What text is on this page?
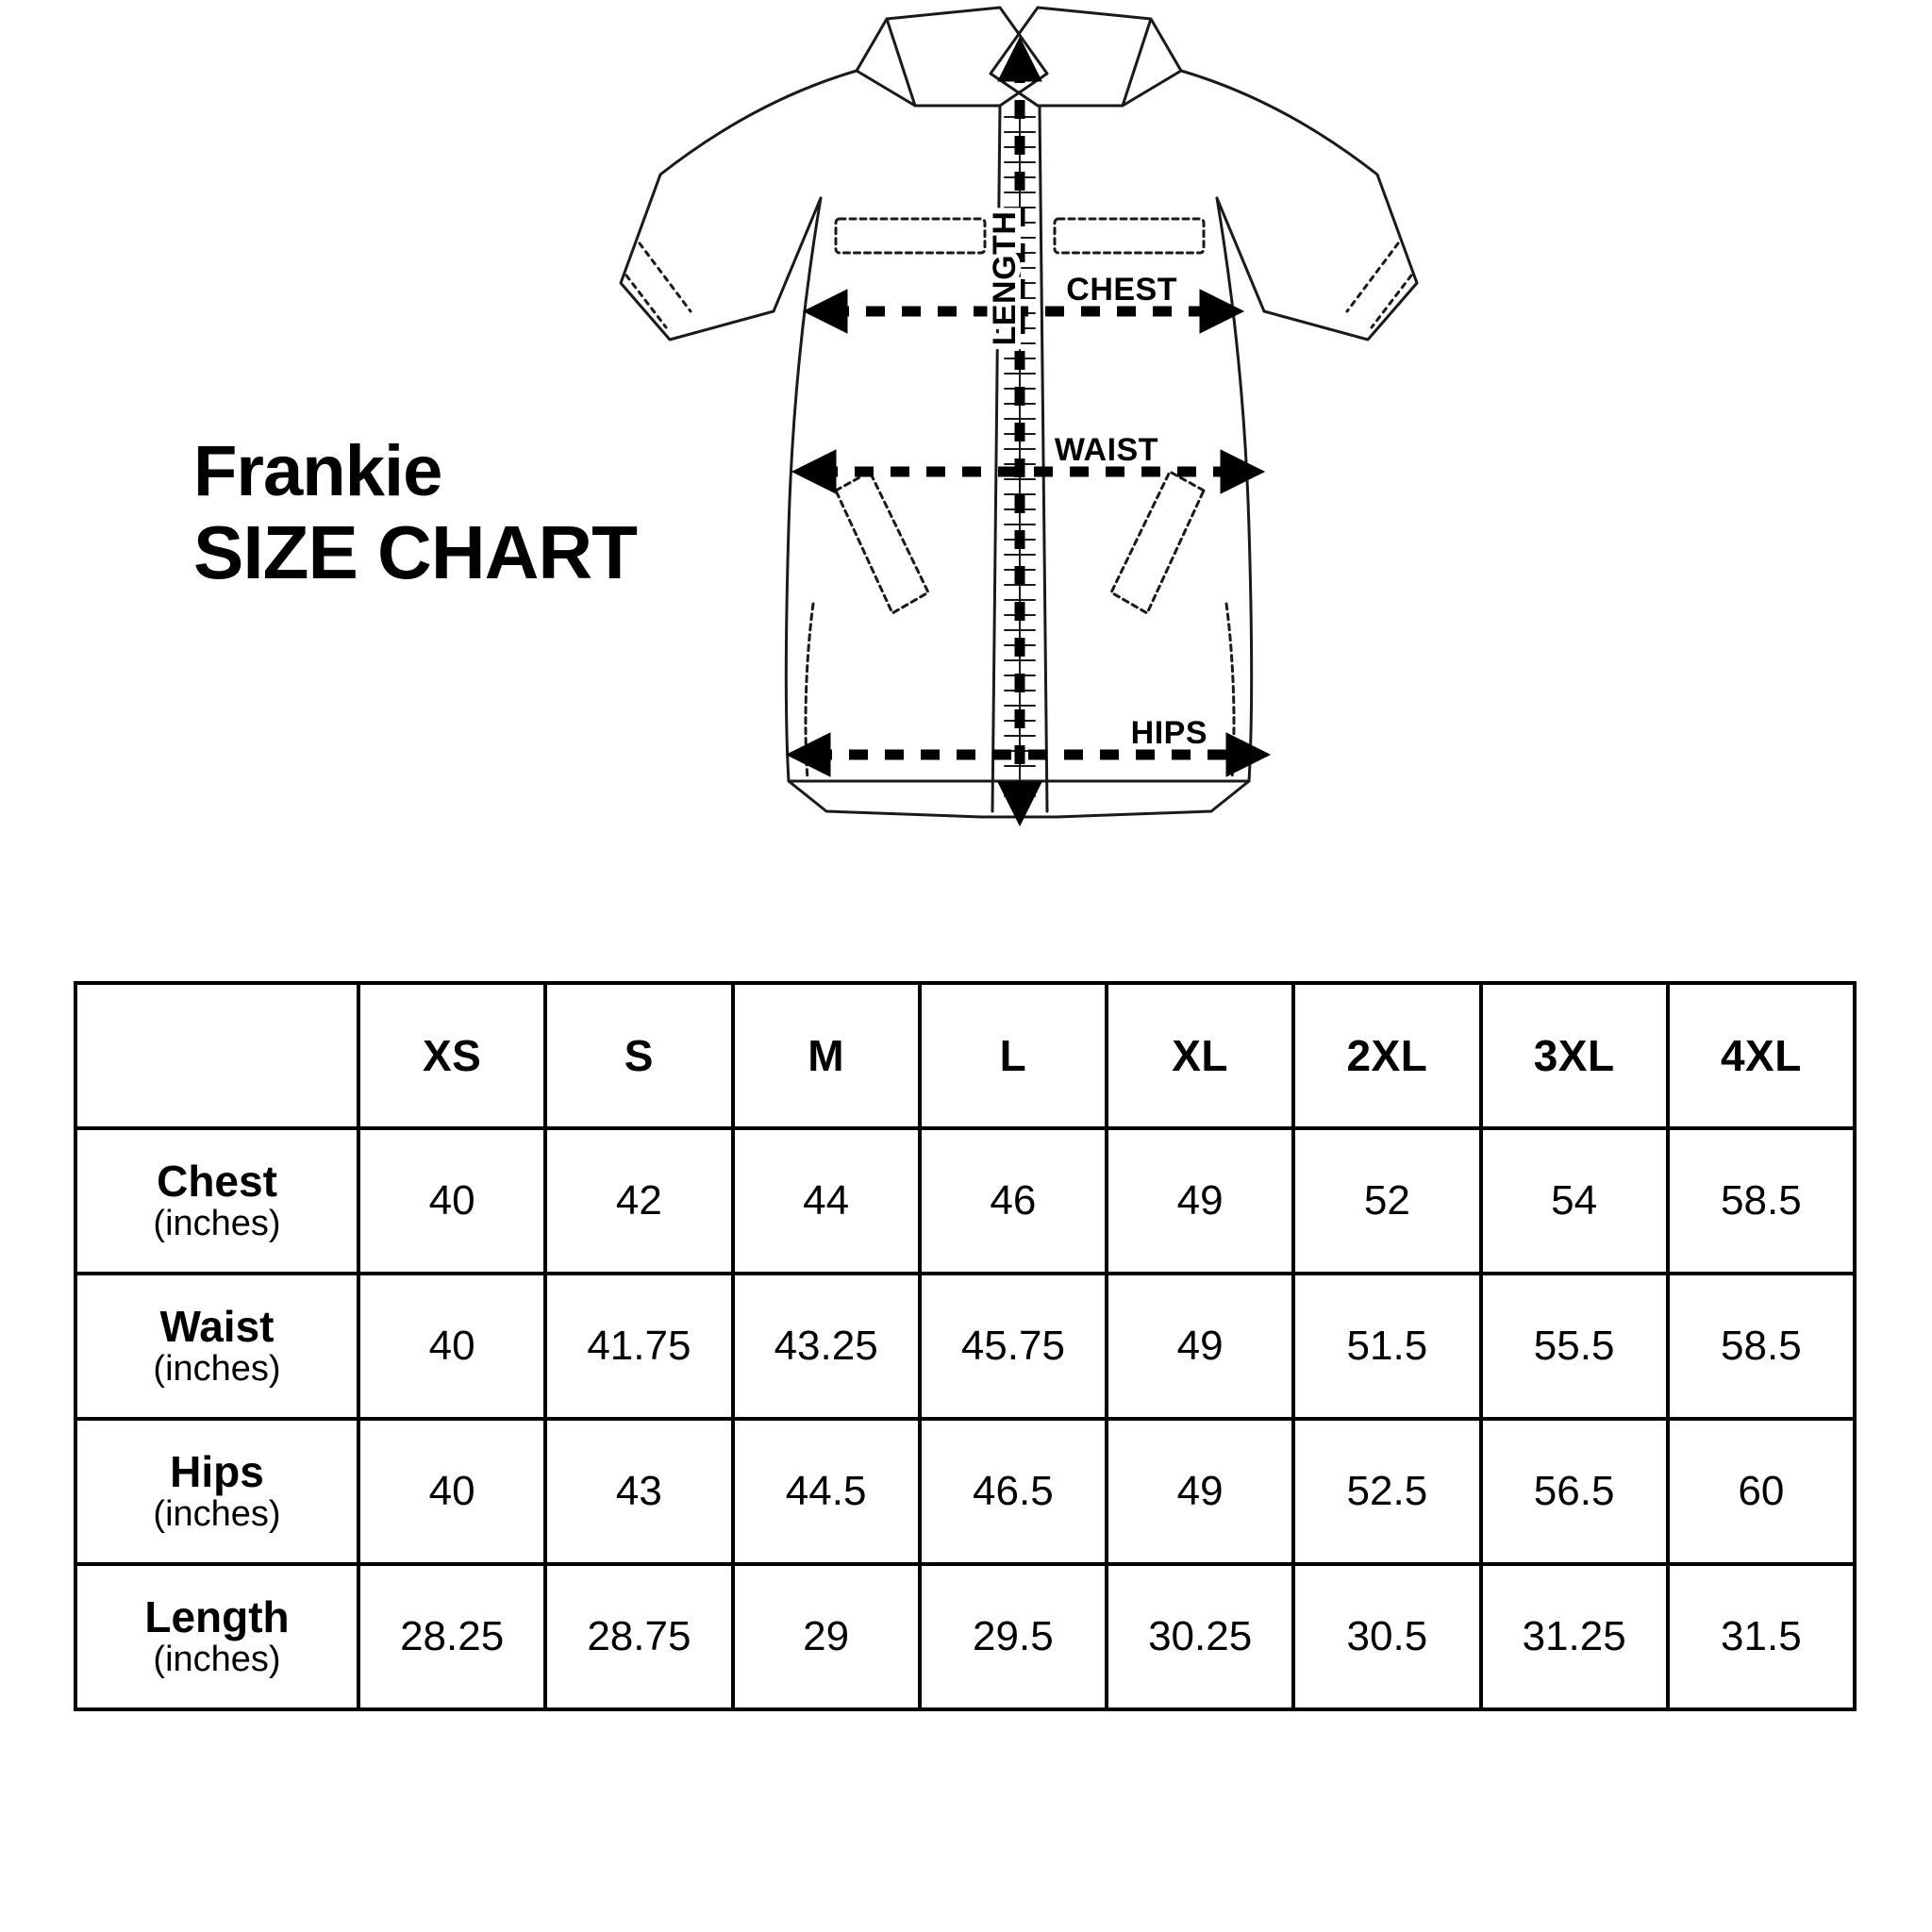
Frankie
SIZE CHART
LENGTH CHEST
WAIST
HIPS
	XS	S	M	L	XL	2XL	3XL	4XL

Chest
(inches)	40	42	44	46	49	52	54	58.5

Waist
(inches)	40	41.75	43.25	45.75	49	51.5	55.5	58.5

Hips
(inches)	40	43	44.5	46.5	49	52.5	56.5	60

Length
(inches)	28.25	28.75	29	29.5	30.25	30.5	31.25	31.5
